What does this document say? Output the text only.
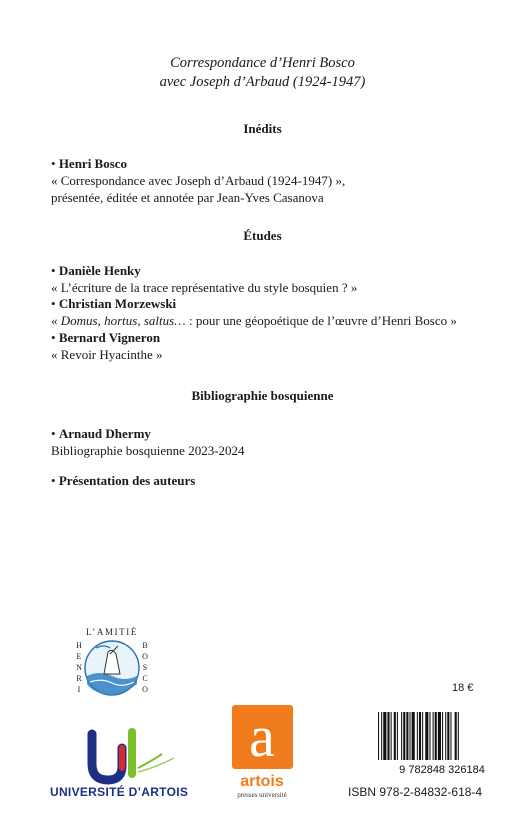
Correspondance d’Henri Bosco
avec Joseph d’Arbaud (1924-1947)
Inédits
• Henri Bosco
« Correspondance avec Joseph d’Arbaud (1924-1947) »,
présentée, éditée et annotée par Jean-Yves Casanova
Études
• Danièle Henky
« L’écriture de la trace représentative du style bosquien ? »
• Christian Morzewski
« Domus, hortus, saltus… : pour une géopoétique de l’œuvre d’Henri Bosco »
• Bernard Vigneron
« Revoir Hyacinthe »
Bibliographie bosquienne
• Arnaud Dhermy
Bibliographie bosquienne 2023-2024
• Présentation des auteurs
L’AMITIÉ
H
E
N
R
I
B
O
S
C
O	18 €
UNIVERSITÉ D’ARTOIS
a
artois
presses université
9 782848 326184
ISBN 978-2-84832-618-4
